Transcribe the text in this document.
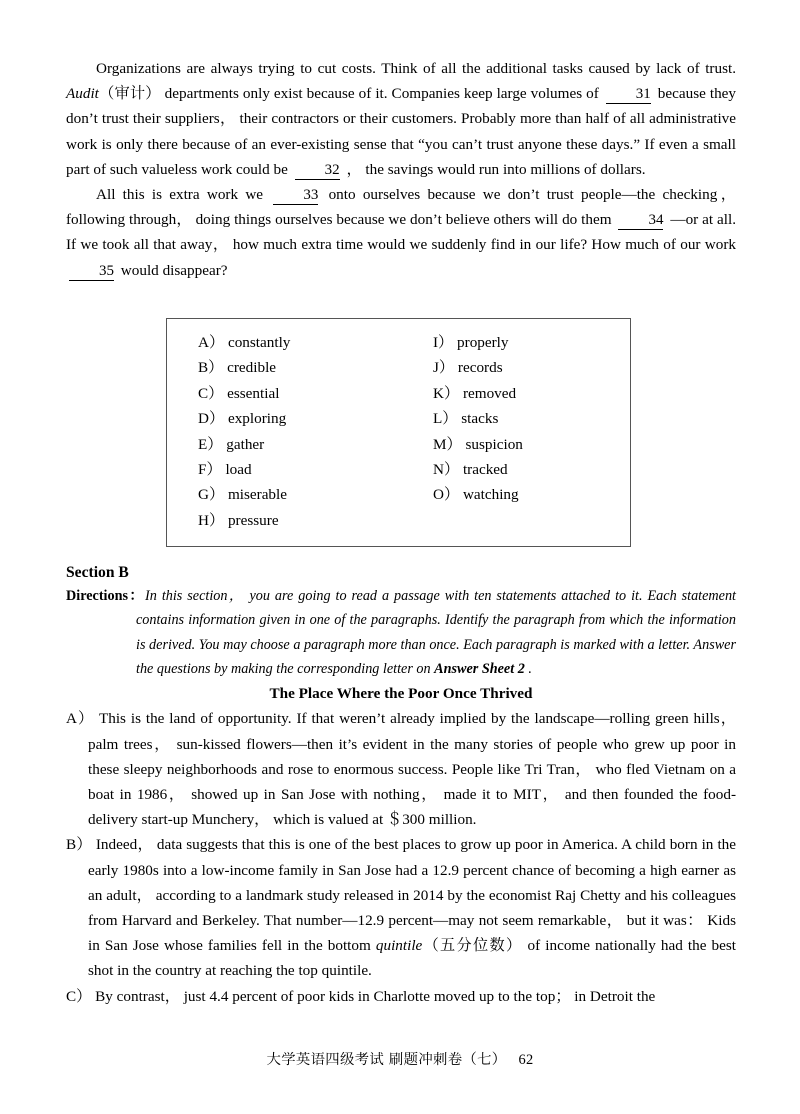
Organizations are always trying to cut costs. Think of all the additional tasks caused by lack of trust. Audit（审计） departments only exist because of it. Companies keep large volumes of 31 because they don’t trust their suppliers， their contractors or their customers. Probably more than half of all administrative work is only there because of an ever-existing sense that “you can’t trust anyone these days.” If even a small part of such valueless work could be 32 ， the savings would run into millions of dollars.

All this is extra work we 33 onto ourselves because we don’t trust people—the checking， following through， doing things ourselves because we don’t believe others will do them 34 —or at all. If we took all that away， how much extra time would we suddenly find in our life? How much of our work 35 would disappear?

A） constantly
B） credible
C） essential
D） exploring
E） gather
F） load
G） miserable
H） pressure
I） properly
J） records
K） removed
L） stacks
M） suspicion
N） tracked
O） watching
Section B

Directions：In this section， you are going to read a passage with ten statements attached to it. Each statement contains information given in one of the paragraphs. Identify the paragraph from which the information is derived. You may choose a paragraph more than once. Each paragraph is marked with a letter. Answer the questions by making the corresponding letter on Answer Sheet 2 .

The Place Where the Poor Once Thrived

A） This is the land of opportunity. If that weren’t already implied by the landscape—rolling green hills， palm trees， sun-kissed flowers—then it’s evident in the many stories of people who grew up poor in these sleepy neighborhoods and rose to enormous success. People like Tri Tran， who fled Vietnam on a boat in 1986， showed up in San Jose with nothing， made it to MIT， and then founded the food-delivery start-up Munchery， which is valued at ＄300 million.

B） Indeed， data suggests that this is one of the best places to grow up poor in America. A child born in the early 1980s into a low-income family in San Jose had a 12.9 percent chance of becoming a high earner as an adult， according to a landmark study released in 2014 by the economist Raj Chetty and his colleagues from Harvard and Berkeley. That number—12.9 percent—may not seem remarkable， but it was： Kids in San Jose whose families fell in the bottom quintile（五分位数） of income nationally had the best shot in the country at reaching the top quintile.

C） By contrast， just 4.4 percent of poor kids in Charlotte moved up to the top； in Detroit the

大学英语四级考试 刷题冲刺卷（七） 62
